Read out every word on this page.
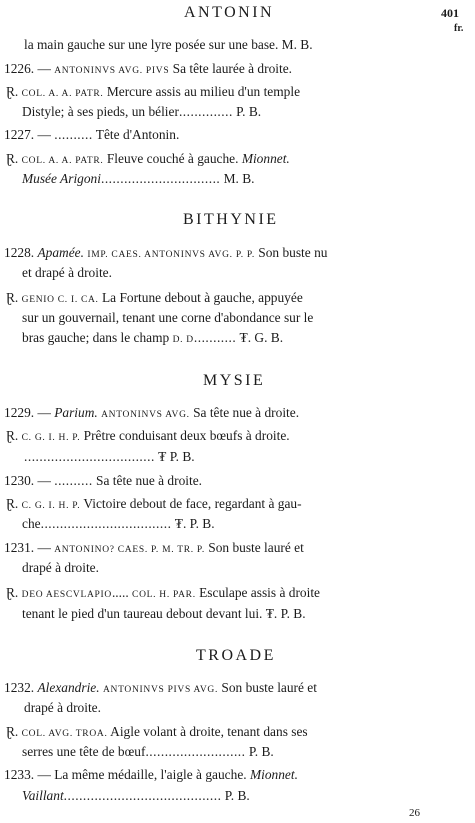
ANTONIN	401
fr.
la main gauche sur une lyre posée sur une base. M. B.
1226. — ANTONINVS AVG. PIVS Sa tête laurée à droite.
Ɽ. COL. A. A. PATR. Mercure assis au milieu d'un temple
Distyle; à ses pieds, un bélier.............. P. B.
1227. — .......... Tête d'Antonin.
Ɽ. COL. A. A. PATR. Fleuve couché à gauche. Mionnet.
Musée Arigoni............................... M. B.
BITHYNIE
1228. Apamée. IMP. CAES. ANTONINVS AVG. P. P. Son buste nu
et drapé à droite.
Ɽ. GENIO C. I. CA. La Fortune debout à gauche, appuyée
sur un gouvernail, tenant une corne d'abondance sur le
bras gauche; dans le champ D. D........... ₮. G. B.
MYSIE
1229. — Parium. ANTONINVS AVG. Sa tête nue à droite.
Ɽ. C. G. I. H. P. Prêtre conduisant deux bœufs à droite.
.................................. ₮ P. B.
1230. — .......... Sa tête nue à droite.
Ɽ. C. G. I. H. P. Victoire debout de face, regardant à gau-
che.................................. ₮. P. B.
1231. — ANTONINO? CAES. P. M. TR. P. Son buste lauré et
drapé à droite.
Ɽ. DEO AESCVLAPIO..... COL. H. PAR. Esculape assis à droite
tenant le pied d'un taureau debout devant lui. ₮. P. B.
TROADE
1232. Alexandrie. ANTONINVS PIVS AVG. Son buste lauré et
drapé à droite.
Ɽ. COL. AVG. TROA. Aigle volant à droite, tenant dans ses
serres une tête de bœuf.......................... P. B.
1233. — La même médaille, l'aigle à gauche. Mionnet.
Vaillant......................................... P. B.
26
